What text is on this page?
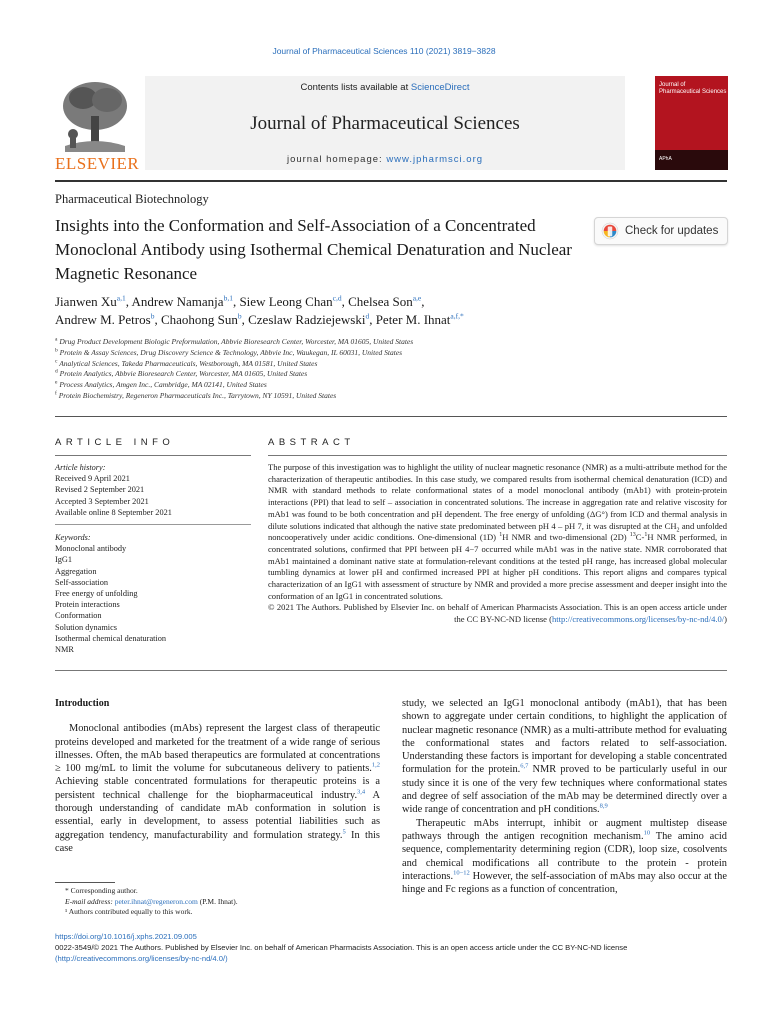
Journal of Pharmaceutical Sciences 110 (2021) 3819−3828
ELSEVIER
Contents lists available at ScienceDirect
Journal of Pharmaceutical Sciences
journal homepage: www.jpharmsci.org
Journal of Pharmaceutical Sciences
APhA
Pharmaceutical Biotechnology
Insights into the Conformation and Self-Association of a Concentrated Monoclonal Antibody using Isothermal Chemical Denaturation and Nuclear Magnetic Resonance
Check for updates
Jianwen Xu$^{a,1}$, Andrew Namanja$^{b,1}$, Siew Leong Chan$^{c,d}$, Chelsea Son$^{a,e}$,
Andrew M. Petros$^b$, Chaohong Sun$^b$, Czeslaw Radziejewski$^d$, Peter M. Ihnat$^{a,f,*}$
$^a$ Drug Product Development Biologic Preformulation, Abbvie Bioresearch Center, Worcester, MA 01605, United States
$^b$ Protein & Assay Sciences, Drug Discovery Science & Technology, Abbvie Inc, Waukegan, IL 60031, United States
$^c$ Analytical Sciences, Takeda Pharmaceuticals, Westborough, MA 01581, United States
$^d$ Protein Analytics, Abbvie Bioresearch Center, Worcester, MA 01605, United States
$^e$ Process Analytics, Amgen Inc., Cambridge, MA 02141, United States
$^f$ Protein Biochemistry, Regeneron Pharmaceuticals Inc., Tarrytown, NY 10591, United States
ARTICLE INFO	ABSTRACT
Article history:
Received 9 April 2021
Revised 2 September 2021
Accepted 3 September 2021
Available online 8 September 2021
Keywords:
Monoclonal antibody
IgG1
Aggregation
Self-association
Free energy of unfolding
Protein interactions
Conformation
Solution dynamics
Isothermal chemical denaturation
NMR

The purpose of this investigation was to highlight the utility of nuclear magnetic resonance (NMR) as a multi-attribute method for the characterization of therapeutic antibodies. In this case study, we compared results from isothermal chemical denaturation (ICD) and NMR with standard methods to relate conformational states of a model monoclonal antibody (mAb1) with protein-protein interactions (PPI) that lead to self – association in concentrated solutions. The increase in aggregation rate and relative viscosity for mAb1 was found to be both concentration and pH dependent. The free energy of unfolding (ΔG°) from ICD and thermal analysis in dilute solutions indicated that although the native state predominated between pH 4 – pH 7, it was disrupted at the $CH_2$ and unfolded noncooperatively under acidic conditions. One-dimensional (1D) $^1$H NMR and two-dimensional (2D) $^{13}$C-$^1$H NMR performed, in concentrated solutions, confirmed that PPI between pH 4−7 occurred while mAb1 was in the native state. NMR corroborated that mAb1 maintained a dominant native state at formulation-relevant conditions at the tested pH range, has increased global molecular tumbling dynamics at lower pH and confirmed increased PPI at higher pH conditions. This report aligns and compares typical characterization of an IgG1 with assessment of structure by NMR and provided a more precise assessment and deeper insight into the conformation of an IgG1 in concentrated solutions.

© 2021 The Authors. Published by Elsevier Inc. on behalf of American Pharmacists Association. This is an open access article under the CC BY-NC-ND license (http://creativecommons.org/licenses/by-nc-nd/4.0/)

Introduction

Monoclonal antibodies (mAbs) represent the largest class of therapeutic proteins developed and marketed for the treatment of a wide range of serious illnesses. Often, the mAb based therapeutics are formulated at concentrations ≥ 100 mg/mL to limit the volume for subcutaneous delivery to patients.$^{1,2}$ Achieving stable concentrated formulations for therapeutic proteins is a persistent technical challenge for the biopharmaceutical industry.$^{3,4}$ A thorough understanding of candidate mAb conformation in solution is essential, early in development, to assess potential liabilities such as aggregation tendency, manufacturability and formulation strategy.$^5$ In this case

study, we selected an IgG1 monoclonal antibody (mAb1), that has been shown to aggregate under certain conditions, to highlight the application of nuclear magnetic resonance (NMR) as a multi-attribute method for evaluating the conformational states and factors related to self-association. Understanding these factors is important for developing a stable concentrated formulation for the protein.$^{6,7}$ NMR proved to be particularly useful in our study since it is one of the very few techniques where conformational states and degree of self association of the mAb may be determined directly over a wide range of concentration and pH conditions.$^{8,9}$

Therapeutic mAbs interrupt, inhibit or augment multistep disease pathways through the antigen recognition mechanism.$^{10}$ The amino acid sequence, complementarity determining region (CDR), loop size, cosolvents and chemical modifications all contribute to the protein - protein interactions.$^{10-12}$ However, the self-association of mAbs may also occur at the hinge and Fc regions as a function of concentration,

* Corresponding author.
E-mail address: peter.ihnat@regeneron.com (P.M. Ihnat).
¹ Authors contributed equally to this work.
https://doi.org/10.1016/j.xphs.2021.09.005
0022-3549/© 2021 The Authors. Published by Elsevier Inc. on behalf of American Pharmacists Association. This is an open access article under the CC BY-NC-ND license
(http://creativecommons.org/licenses/by-nc-nd/4.0/)
